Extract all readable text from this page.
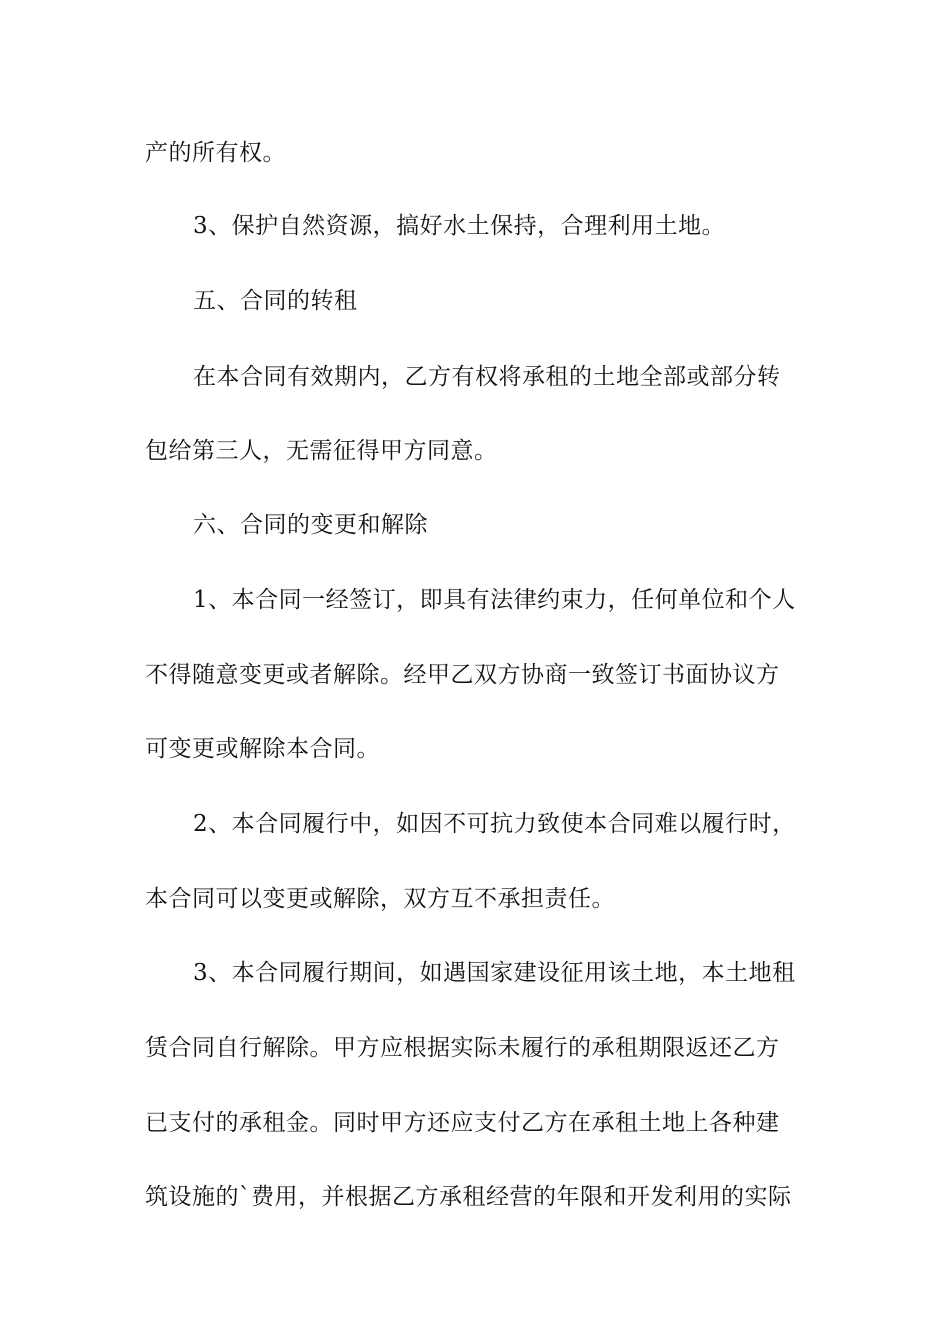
产的所有权。
3、保护自然资源，搞好水土保持，合理利用土地。
五、合同的转租
在本合同有效期内，乙方有权将承租的土地全部或部分转
包给第三人，无需征得甲方同意。
六、合同的变更和解除
1、本合同一经签订，即具有法律约束力，任何单位和个人
不得随意变更或者解除。经甲乙双方协商一致签订书面协议方
可变更或解除本合同。
2、本合同履行中，如因不可抗力致使本合同难以履行时，
本合同可以变更或解除，双方互不承担责任。
3、本合同履行期间，如遇国家建设征用该土地，本土地租
赁合同自行解除。甲方应根据实际未履行的承租期限返还乙方
已支付的承租金。同时甲方还应支付乙方在承租土地上各种建
筑设施的`费用，并根据乙方承租经营的年限和开发利用的实际
